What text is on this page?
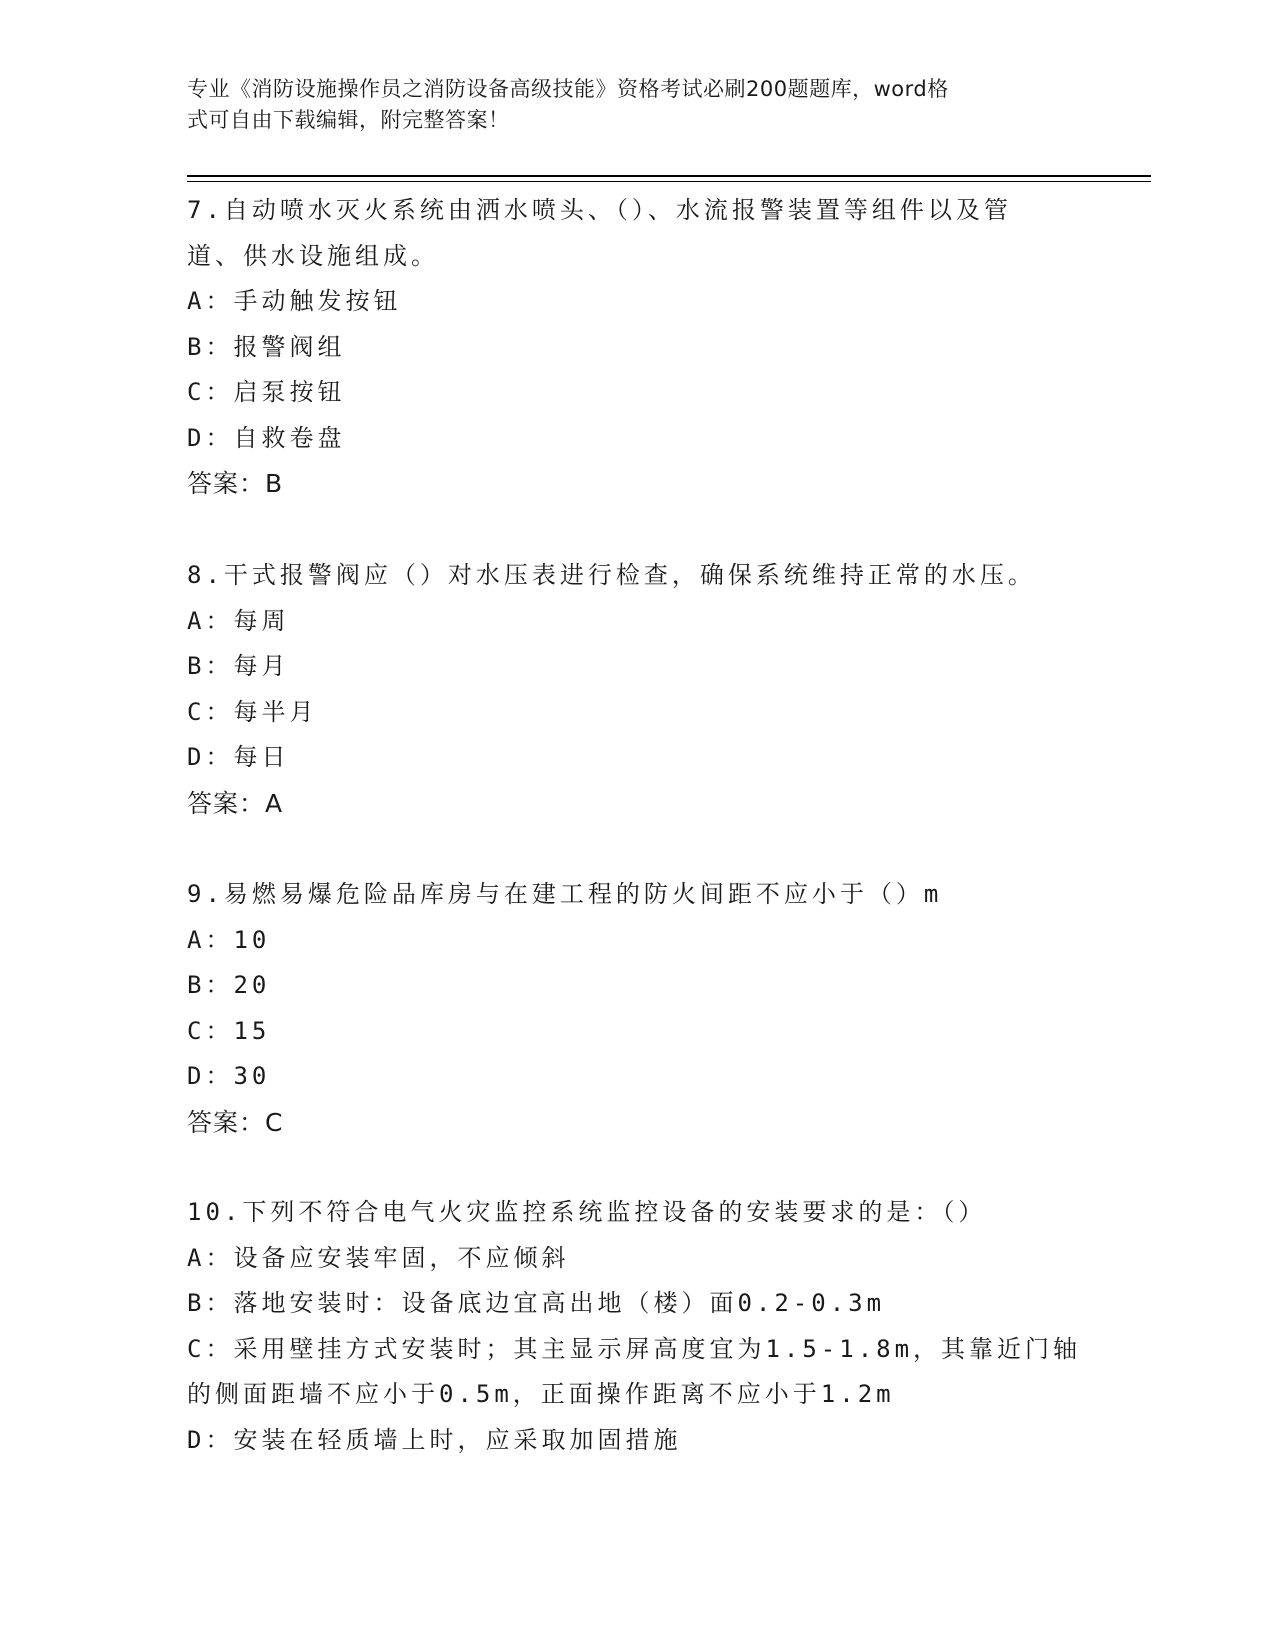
专业《消防设施操作员之消防设备高级技能》资格考试必刷200题题库，word格
式可自由下载编辑，附完整答案！
7.自动喷水灭火系统由洒水喷头、（）、水流报警装置等组件以及管
道、供水设施组成。
A：手动触发按钮
B：报警阀组
C：启泵按钮
D：自救卷盘
答案：B
8.干式报警阀应（）对水压表进行检查，确保系统维持正常的水压。
A：每周
B：每月
C：每半月
D：每日
答案：A
9.易燃易爆危险品库房与在建工程的防火间距不应小于（）m
A：10
B：20
C：15
D：30
答案：C
10.下列不符合电气火灾监控系统监控设备的安装要求的是：（）
A：设备应安装牢固，不应倾斜
B：落地安装时：设备底边宜高出地（楼）面0.2-0.3m
C：采用壁挂方式安装时；其主显示屏高度宜为1.5-1.8m，其靠近门轴
的侧面距墙不应小于0.5m，正面操作距离不应小于1.2m
D：安装在轻质墙上时，应采取加固措施
